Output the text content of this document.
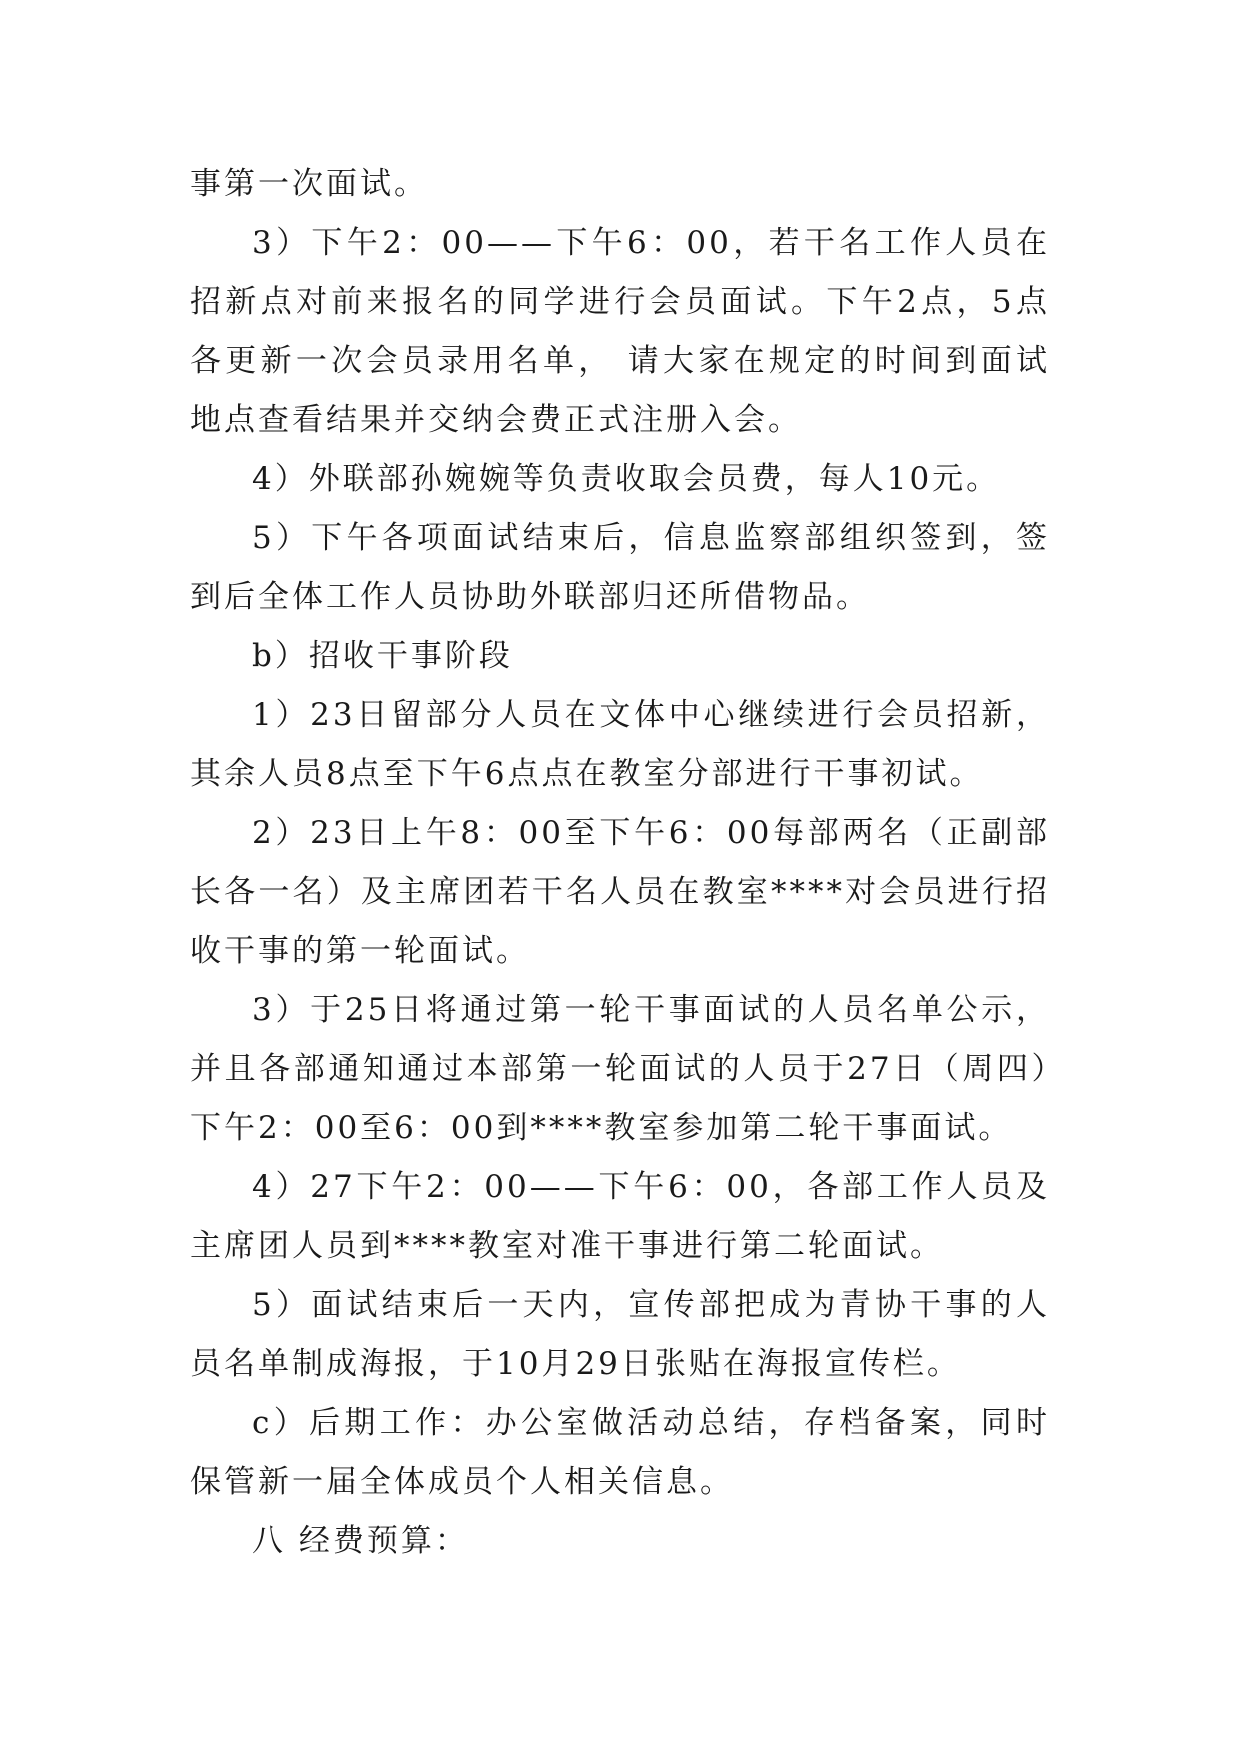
事第一次面试。

3）下午2：00——下午6：00，若干名工作人员在招新点对前来报名的同学进行会员面试。下午2点，5点各更新一次会员录用名单， 请大家在规定的时间到面试地点查看结果并交纳会费正式注册入会。

4）外联部孙婉婉等负责收取会员费，每人10元。

5）下午各项面试结束后，信息监察部组织签到，签到后全体工作人员协助外联部归还所借物品。

b）招收干事阶段

1）23日留部分人员在文体中心继续进行会员招新，其余人员8点至下午6点点在教室分部进行干事初试。

2）23日上午8：00至下午6：00每部两名（正副部长各一名）及主席团若干名人员在教室****对会员进行招收干事的第一轮面试。

3）于25日将通过第一轮干事面试的人员名单公示，并且各部通知通过本部第一轮面试的人员于27日（周四）下午2：00至6：00到****教室参加第二轮干事面试。

4）27下午2：00——下午6：00，各部工作人员及主席团人员到****教室对准干事进行第二轮面试。

5）面试结束后一天内，宣传部把成为青协干事的人员名单制成海报，于10月29日张贴在海报宣传栏。

c）后期工作：办公室做活动总结，存档备案，同时保管新一届全体成员个人相关信息。

八 经费预算：
